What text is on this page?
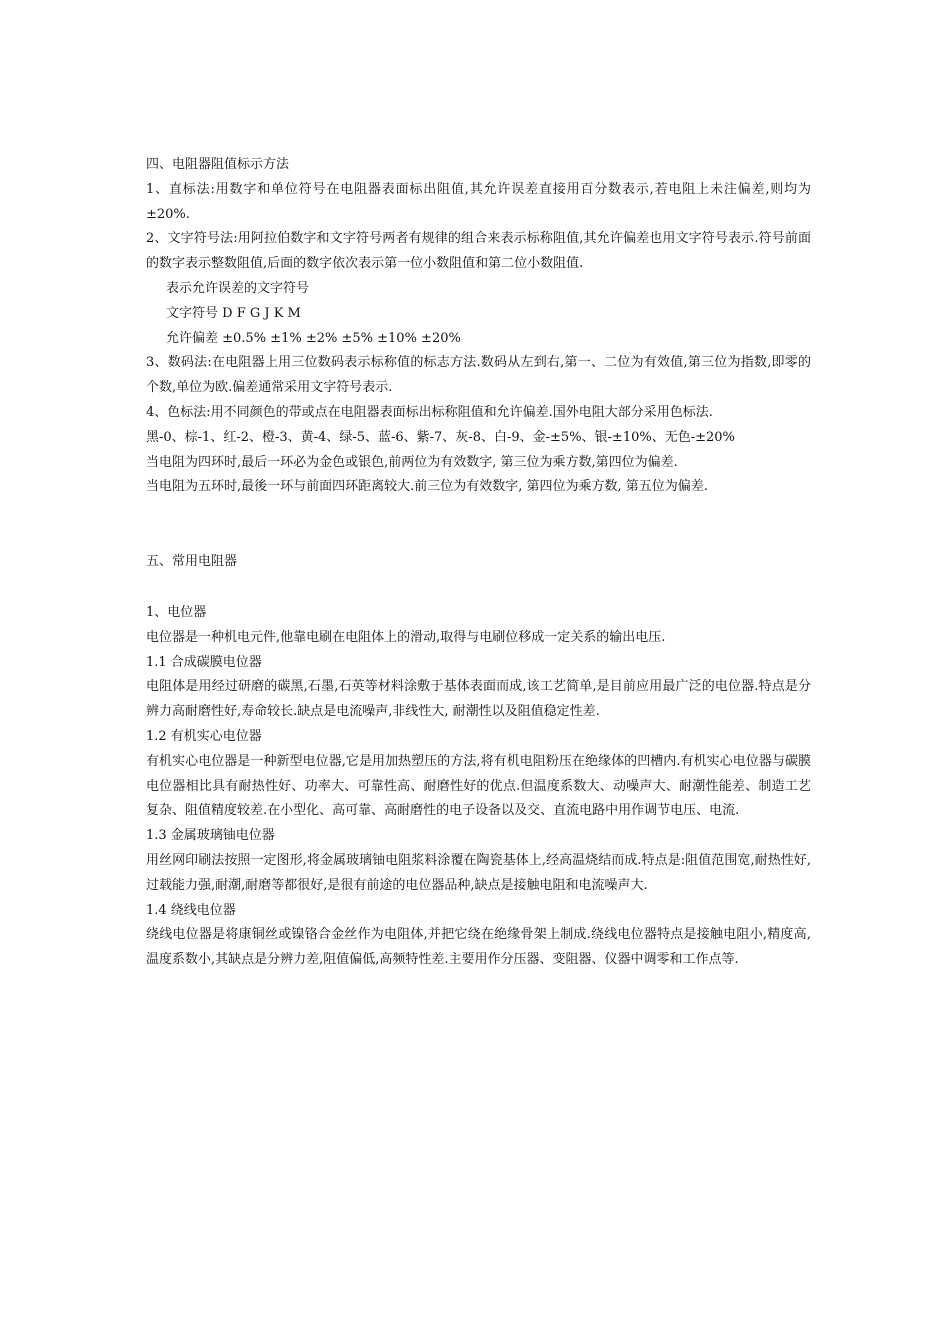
四、电阻器阻值标示方法

1、直标法:用数字和单位符号在电阻器表面标出阻值,其允许误差直接用百分数表示,若电阻上未注偏差,则均为±20%.

2、文字符号法:用阿拉伯数字和文字符号两者有规律的组合来表示标称阻值,其允许偏差也用文字符号表示.符号前面的数字表示整数阻值,后面的数字依次表示第一位小数阻值和第二位小数阻值.

表示允许误差的文字符号

文字符号 D F G J K M

允许偏差 ±0.5% ±1% ±2% ±5% ±10% ±20%

3、数码法:在电阻器上用三位数码表示标称值的标志方法.数码从左到右,第一、二位为有效值,第三位为指数,即零的个数,单位为欧.偏差通常采用文字符号表示.

4、色标法:用不同颜色的带或点在电阻器表面标出标称阻值和允许偏差.国外电阻大部分采用色标法.

黑-0、棕-1、红-2、橙-3、黄-4、绿-5、蓝-6、紫-7、灰-8、白-9、金-±5%、银-±10%、无色-±20%

当电阻为四环时,最后一环必为金色或银色,前两位为有效数字, 第三位为乘方数,第四位为偏差.

当电阻为五环时,最後一环与前面四环距离较大.前三位为有效数字, 第四位为乘方数, 第五位为偏差.

五、常用电阻器

1、电位器

电位器是一种机电元件,他靠电刷在电阻体上的滑动,取得与电刷位移成一定关系的输出电压.

1.1 合成碳膜电位器

电阻体是用经过研磨的碳黑,石墨,石英等材料涂敷于基体表面而成,该工艺简单,是目前应用最广泛的电位器.特点是分辨力高耐磨性好,寿命较长.缺点是电流噪声,非线性大, 耐潮性以及阻值稳定性差.

1.2 有机实心电位器

有机实心电位器是一种新型电位器,它是用加热塑压的方法,将有机电阻粉压在绝缘体的凹槽内.有机实心电位器与碳膜电位器相比具有耐热性好、功率大、可靠性高、耐磨性好的优点.但温度系数大、动噪声大、耐潮性能差、制造工艺复杂、阻值精度较差.在小型化、高可靠、高耐磨性的电子设备以及交、直流电路中用作调节电压、电流.

1.3 金属玻璃铀电位器

用丝网印刷法按照一定图形,将金属玻璃铀电阻浆料涂覆在陶瓷基体上,经高温烧结而成.特点是:阻值范围宽,耐热性好,过载能力强,耐潮,耐磨等都很好,是很有前途的电位器品种,缺点是接触电阻和电流噪声大.

1.4 绕线电位器

绕线电位器是将康铜丝或镍铬合金丝作为电阻体,并把它绕在绝缘骨架上制成.绕线电位器特点是接触电阻小,精度高,温度系数小,其缺点是分辨力差,阻值偏低,高频特性差.主要用作分压器、变阻器、仪器中调零和工作点等.
